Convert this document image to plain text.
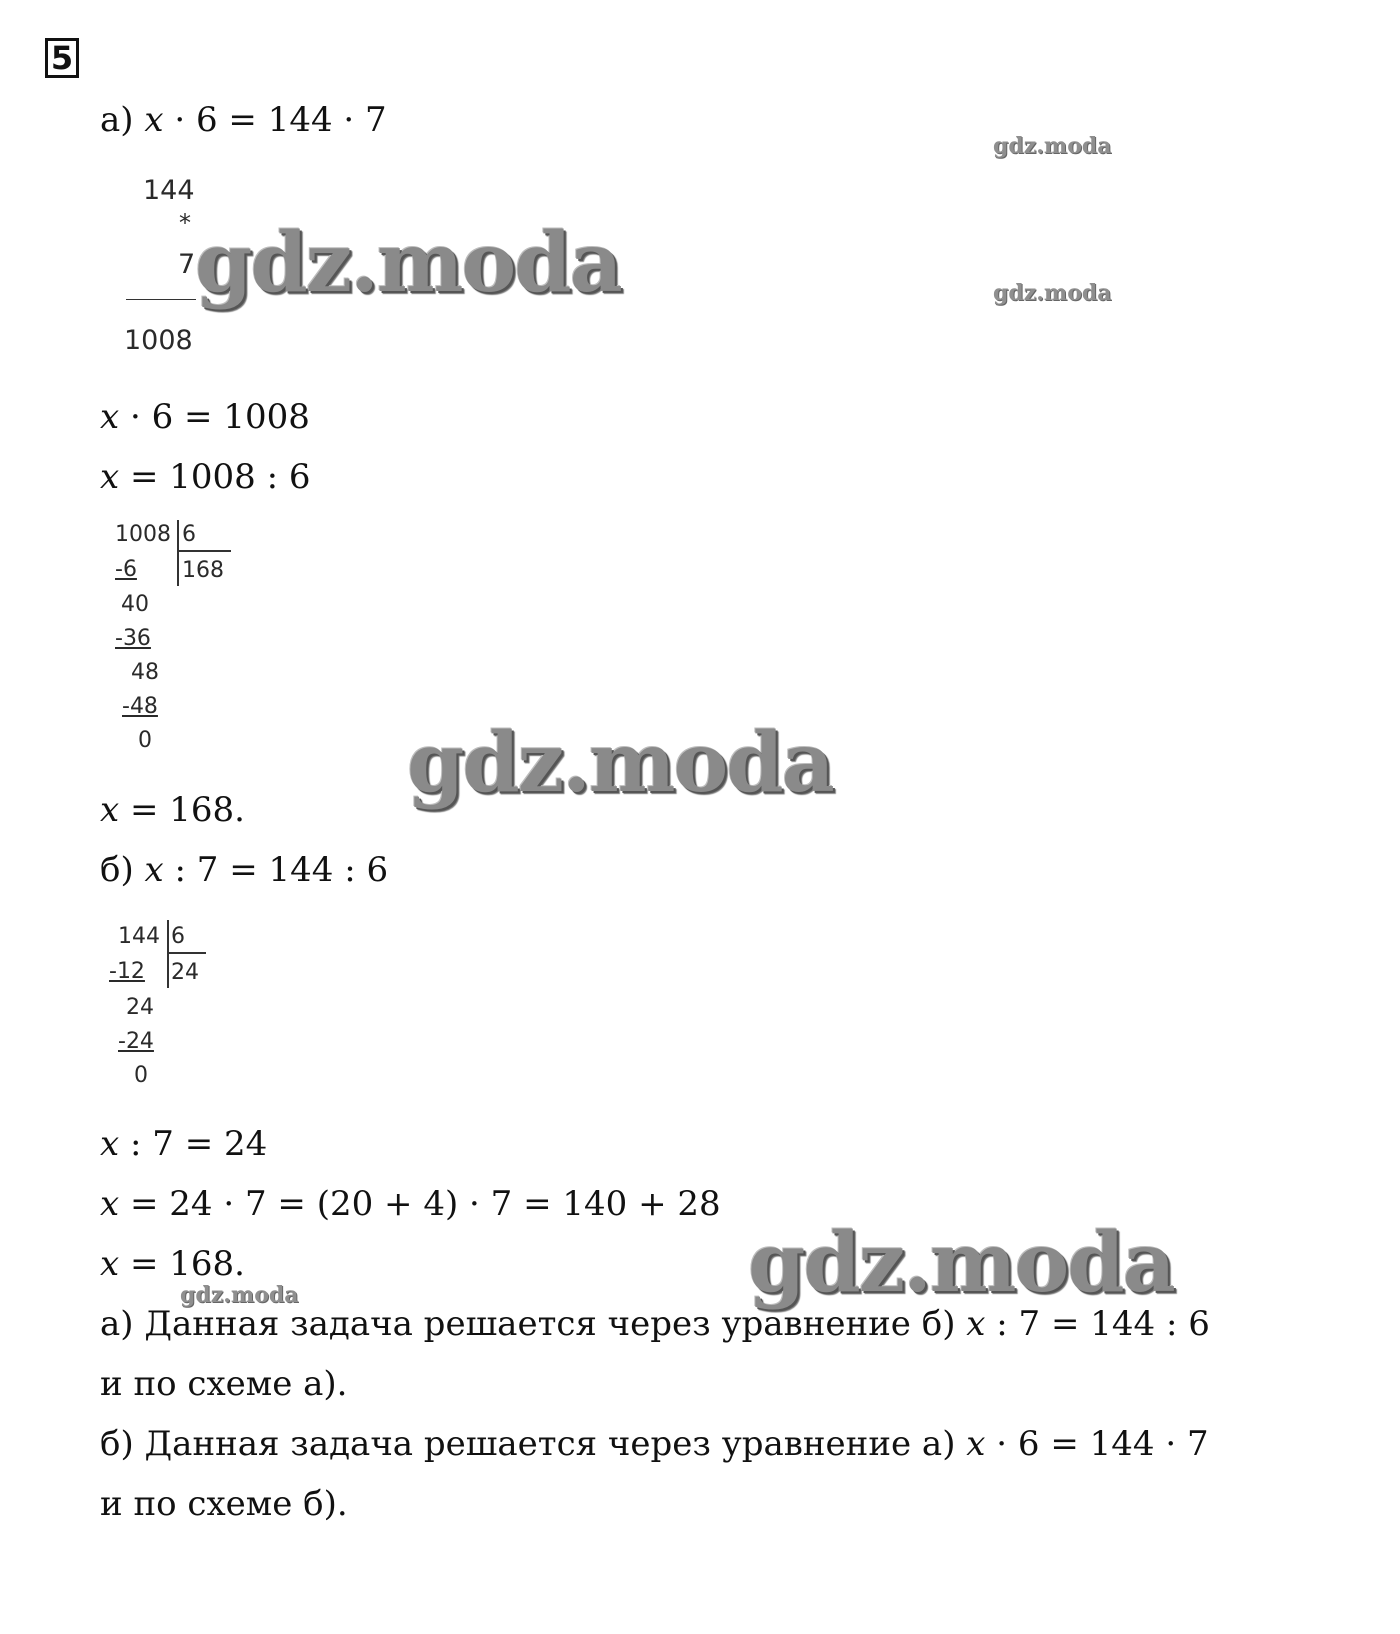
5
а) x · 6 = 144 · 7
144
*
7
1008
x · 6 = 1008
x = 1008 : 6
1008 6
168
-6
40
-36
48
-48
0
x = 168.
б) x : 7 = 144 : 6
144 6
24
-12
24
-24
0
x : 7 = 24
x = 24 · 7 = (20 + 4) · 7 = 140 + 28
x = 168.
а) Данная задача решается через уравнение б) x : 7 = 144 : 6
и по схеме а).
б) Данная задача решается через уравнение а) x · 6 = 144 · 7
и по схеме б).
gdz.moda
gdz.moda
gdz.moda
gdz.moda
gdz.moda
gdz.moda
